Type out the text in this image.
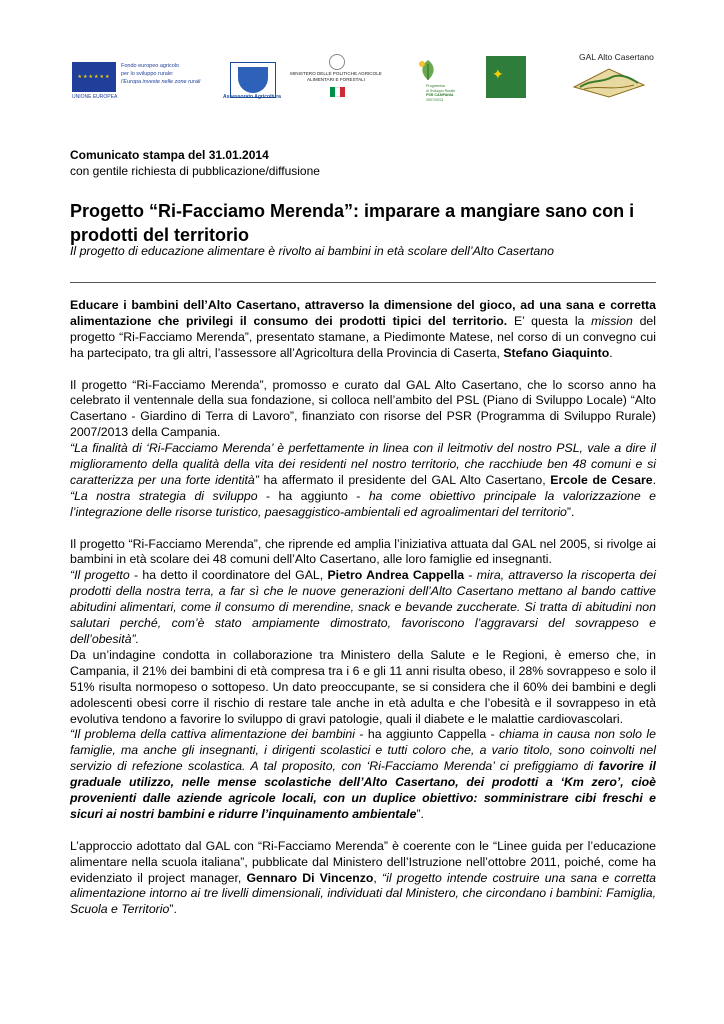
★★★★★★
UNIONE EUROPEA
Fondo europeo agricolo
per lo sviluppo rurale:
l'Europa investe nelle zone rurali
Assessorato Agricoltura
MINISTERO DELLE POLITICHE AGRICOLE
ALIMENTARI E FORESTALI
Programma
di Sviluppo Rurale
PSR CAMPANIA
2007/2013
✦
GAL Alto Casertano
Comunicato stampa del 31.01.2014
con gentile richiesta di pubblicazione/diffusione
Progetto “Ri-Facciamo Merenda”: imparare a mangiare sano con i prodotti del territorio
Il progetto di educazione alimentare è rivolto ai bambini in età scolare dell’Alto Casertano

Educare i bambini dell’Alto Casertano, attraverso la dimensione del gioco, ad una sana e corretta alimentazione che privilegi il consumo dei prodotti tipici del territorio. E’ questa la mission del progetto “Ri-Facciamo Merenda”, presentato stamane, a Piedimonte Matese, nel corso di un convegno cui ha partecipato, tra gli altri, l’assessore all’Agricoltura della Provincia di Caserta, Stefano Giaquinto.

Il progetto “Ri-Facciamo Merenda”, promosso e curato dal GAL Alto Casertano, che lo scorso anno ha celebrato il ventennale della sua fondazione, si colloca nell’ambito del PSL (Piano di Sviluppo Locale) “Alto Casertano - Giardino di Terra di Lavoro”, finanziato con risorse del PSR (Programma di Sviluppo Rurale) 2007/2013 della Campania.

“La finalità di ‘Ri-Facciamo Merenda’ è perfettamente in linea con il leitmotiv del nostro PSL, vale a dire il miglioramento della qualità della vita dei residenti nel nostro territorio, che racchiude ben 48 comuni e si caratterizza per una forte identità” ha affermato il presidente del GAL Alto Casertano, Ercole de Cesare. “La nostra strategia di sviluppo - ha aggiunto - ha come obiettivo principale la valorizzazione e l’integrazione delle risorse turistico, paesaggistico-ambientali ed agroalimentari del territorio”.

Il progetto “Ri-Facciamo Merenda”, che riprende ed amplia l’iniziativa attuata dal GAL nel 2005, si rivolge ai bambini in età scolare dei 48 comuni dell’Alto Casertano, alle loro famiglie ed insegnanti.

“Il progetto - ha detto il coordinatore del GAL, Pietro Andrea Cappella - mira, attraverso la riscoperta dei prodotti della nostra terra, a far sì che le nuove generazioni dell’Alto Casertano mettano al bando cattive abitudini alimentari, come il consumo di merendine, snack e bevande zuccherate. Si tratta di abitudini non salutari perché, com’è stato ampiamente dimostrato, favoriscono l’aggravarsi del sovrappeso e dell’obesità”.

Da un’indagine condotta in collaborazione tra Ministero della Salute e le Regioni, è emerso che, in Campania, il 21% dei bambini di età compresa tra i 6 e gli 11 anni risulta obeso, il 28% sovrappeso e solo il 51% risulta normopeso o sottopeso. Un dato preoccupante, se si considera che il 60% dei bambini e degli adolescenti obesi corre il rischio di restare tale anche in età adulta e che l’obesità e il sovrappeso in età evolutiva tendono a favorire lo sviluppo di gravi patologie, quali il diabete e le malattie cardiovascolari.

“Il problema della cattiva alimentazione dei bambini - ha aggiunto Cappella - chiama in causa non solo le famiglie, ma anche gli insegnanti, i dirigenti scolastici e tutti coloro che, a vario titolo, sono coinvolti nel servizio di refezione scolastica. A tal proposito, con ‘Ri-Facciamo Merenda’ ci prefiggiamo di favorire il graduale utilizzo, nelle mense scolastiche dell’Alto Casertano, dei prodotti a ‘Km zero’, cioè provenienti dalle aziende agricole locali, con un duplice obiettivo: somministrare cibi freschi e sicuri ai nostri bambini e ridurre l’inquinamento ambientale”.

L’approccio adottato dal GAL con “Ri-Facciamo Merenda” è coerente con le “Linee guida per l’educazione alimentare nella scuola italiana”, pubblicate dal Ministero dell’Istruzione nell’ottobre 2011, poiché, come ha evidenziato il project manager, Gennaro Di Vincenzo, “il progetto intende costruire una sana e corretta alimentazione intorno ai tre livelli dimensionali, individuati dal Ministero, che circondano i bambini: Famiglia, Scuola e Territorio”.
